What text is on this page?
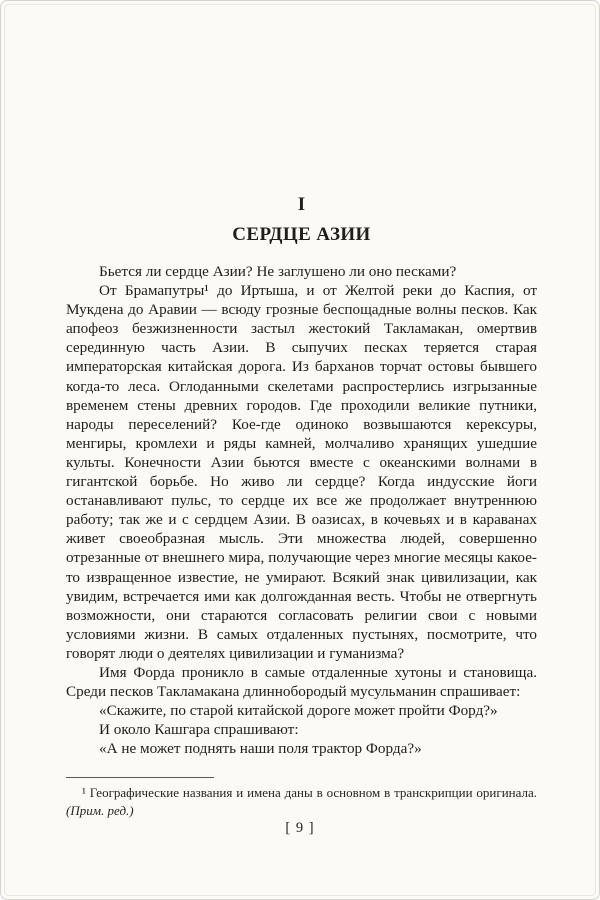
I

СЕРДЦЕ АЗИИ

Бьется ли сердце Азии? Не заглушено ли оно песками?

От Брамапутры¹ до Иртыша, и от Желтой реки до Каспия, от Мукдена до Аравии — всюду грозные беспощадные волны песков. Как апофеоз безжизненности застыл жестокий Такламакан, омертвив серединную часть Азии. В сыпучих песках теряется старая императорская китайская дорога. Из барханов торчат остовы бывшего когда-то леса. Оглоданными скелетами распростерлись изгрызанные временем стены древних городов. Где проходили великие путники, народы переселений? Кое-где одиноко возвышаются керексуры, менгиры, кромлехи и ряды камней, молчаливо хранящих ушедшие культы. Конечности Азии бьются вместе с океанскими волнами в гигантской борьбе. Но живо ли сердце? Когда индусские йоги останавливают пульс, то сердце их все же продолжает внутреннюю работу; так же и с сердцем Азии. В оазисах, в кочевьях и в караванах живет своеобразная мысль. Эти множества людей, совершенно отрезанные от внешнего мира, получающие через многие месяцы какое-то извращенное известие, не умирают. Всякий знак цивилизации, как увидим, встречается ими как долгожданная весть. Чтобы не отвергнуть возможности, они стараются согласовать религии свои с новыми условиями жизни. В самых отдаленных пустынях, посмотрите, что говорят люди о деятелях цивилизации и гуманизма?

Имя Форда проникло в самые отдаленные хутоны и становища. Среди песков Такламакана длиннобородый мусульманин спрашивает:

«Скажите, по старой китайской дороге может пройти Форд?»

И около Кашгара спрашивают:

«А не может поднять наши поля трактор Форда?»

¹ Географические названия и имена даны в основном в транскрипции оригинала. (Прим. ред.)

[ 9 ]
